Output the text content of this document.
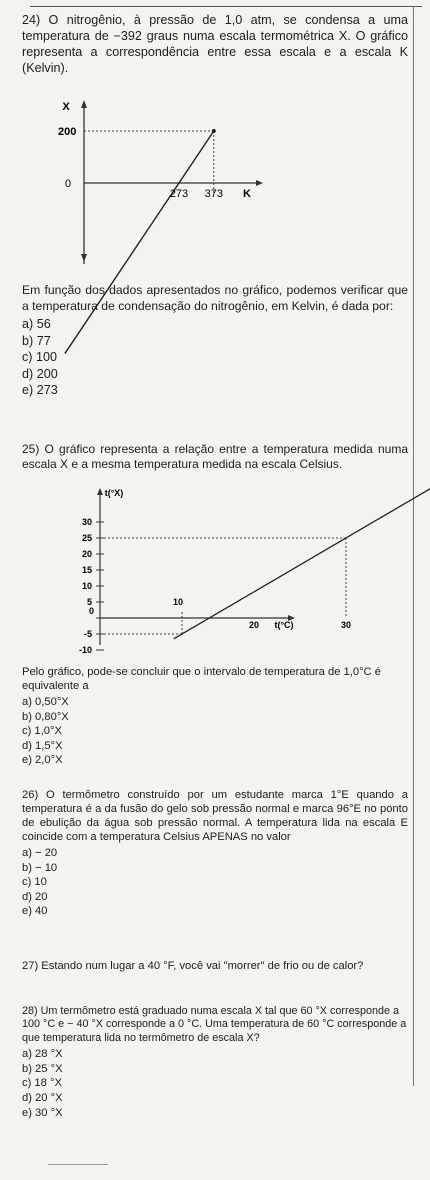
24) O nitrogênio, à pressão de 1,0 atm, se condensa a uma temperatura de −392 graus numa escala termométrica X. O gráfico representa a correspondência entre essa escala e a escala K (Kelvin).

0
273 373
200
K
X

Em função dos dados apresentados no gráfico, podemos verificar que a temperatura de condensação do nitrogênio, em Kelvin, é dada por:

a) 56
b) 77
c) 100
d) 200
e) 273

25) O gráfico representa a relação entre a temperatura medida numa escala X e a mesma temperatura medida na escala Celsius.

10
20	30
30
25
20
15
10
5
0
-5
-10
t(°C)
t(°X)

Pelo gráfico, pode-se concluir que o intervalo de temperatura de 1,0°C é equivalente a

a) 0,50°X
b) 0,80°X
c) 1,0°X
d) 1,5°X
e) 2,0°X

26) O termômetro construído por um estudante marca 1°E quando a temperatura é a da fusão do gelo sob pressão normal e marca 96°E no ponto de ebulição da água sob pressão normal. A temperatura lida na escala E coincide com a temperatura Celsius APENAS no valor

a) − 20
b) − 10
c) 10
d) 20
e) 40

27) Estando num lugar a 40 °F, você vai "morrer" de frio ou de calor?

28) Um termômetro está graduado numa escala X tal que 60 °X corresponde a 100 °C e − 40 °X corresponde a 0 °C. Uma temperatura de 60 °C corresponde a que temperatura lida no termômetro de escala X?

a) 28 °X
b) 25 °X
c) 18 °X
d) 20 °X
e) 30 °X
